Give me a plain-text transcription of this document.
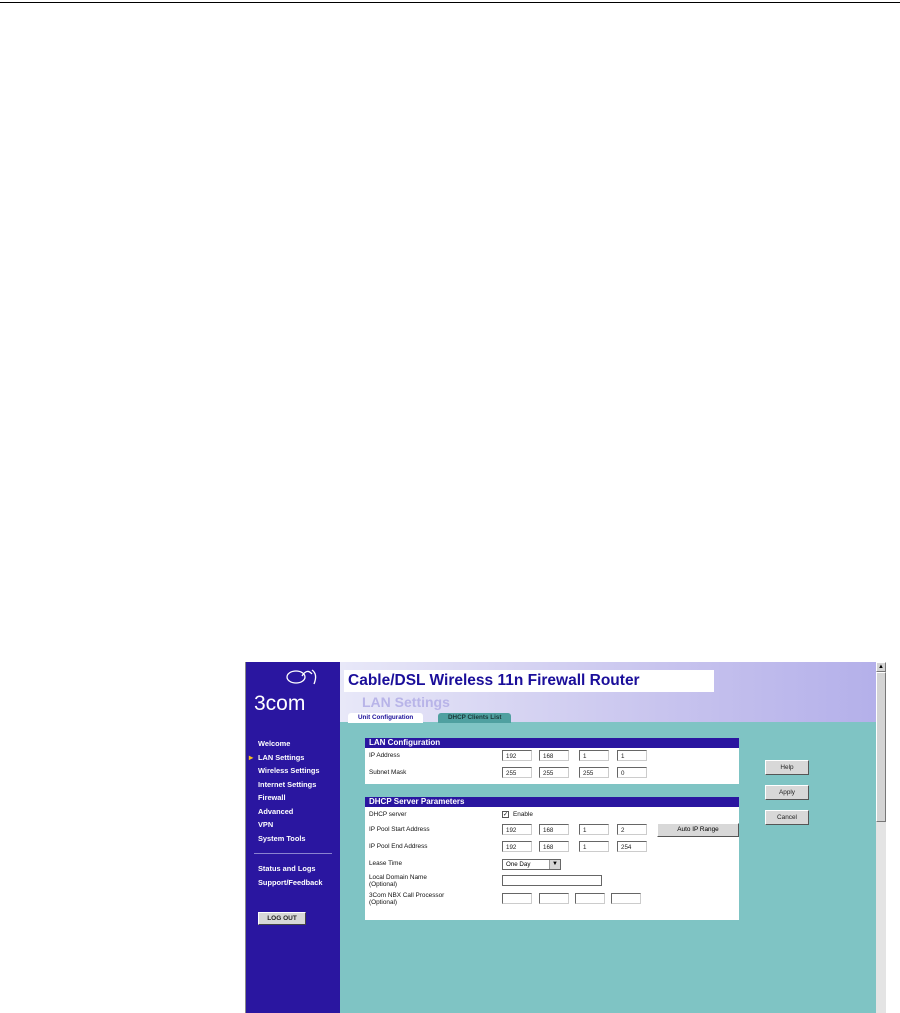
3com
Welcome
▸ LAN Settings
Wireless Settings
Internet Settings
Firewall
Advanced
VPN
System Tools
Status and Logs
Support/Feedback
LOG OUT
Cable/DSL Wireless 11n Firewall Router
LAN Settings
Unit Configuration	DHCP Clients List
LAN Configuration
IP Address	192	168	1	1
Subnet Mask	255	255	255	0
DHCP Server Parameters
DHCP server	✓ Enable
IP Pool Start Address	192	168	1	2	Auto IP Range
IP Pool End Address	192	168	1	254
Lease Time	One Day	▼
Local Domain Name
(Optional)
3Com NBX Call Processor
(Optional)
Help
Apply
Cancel
▲
